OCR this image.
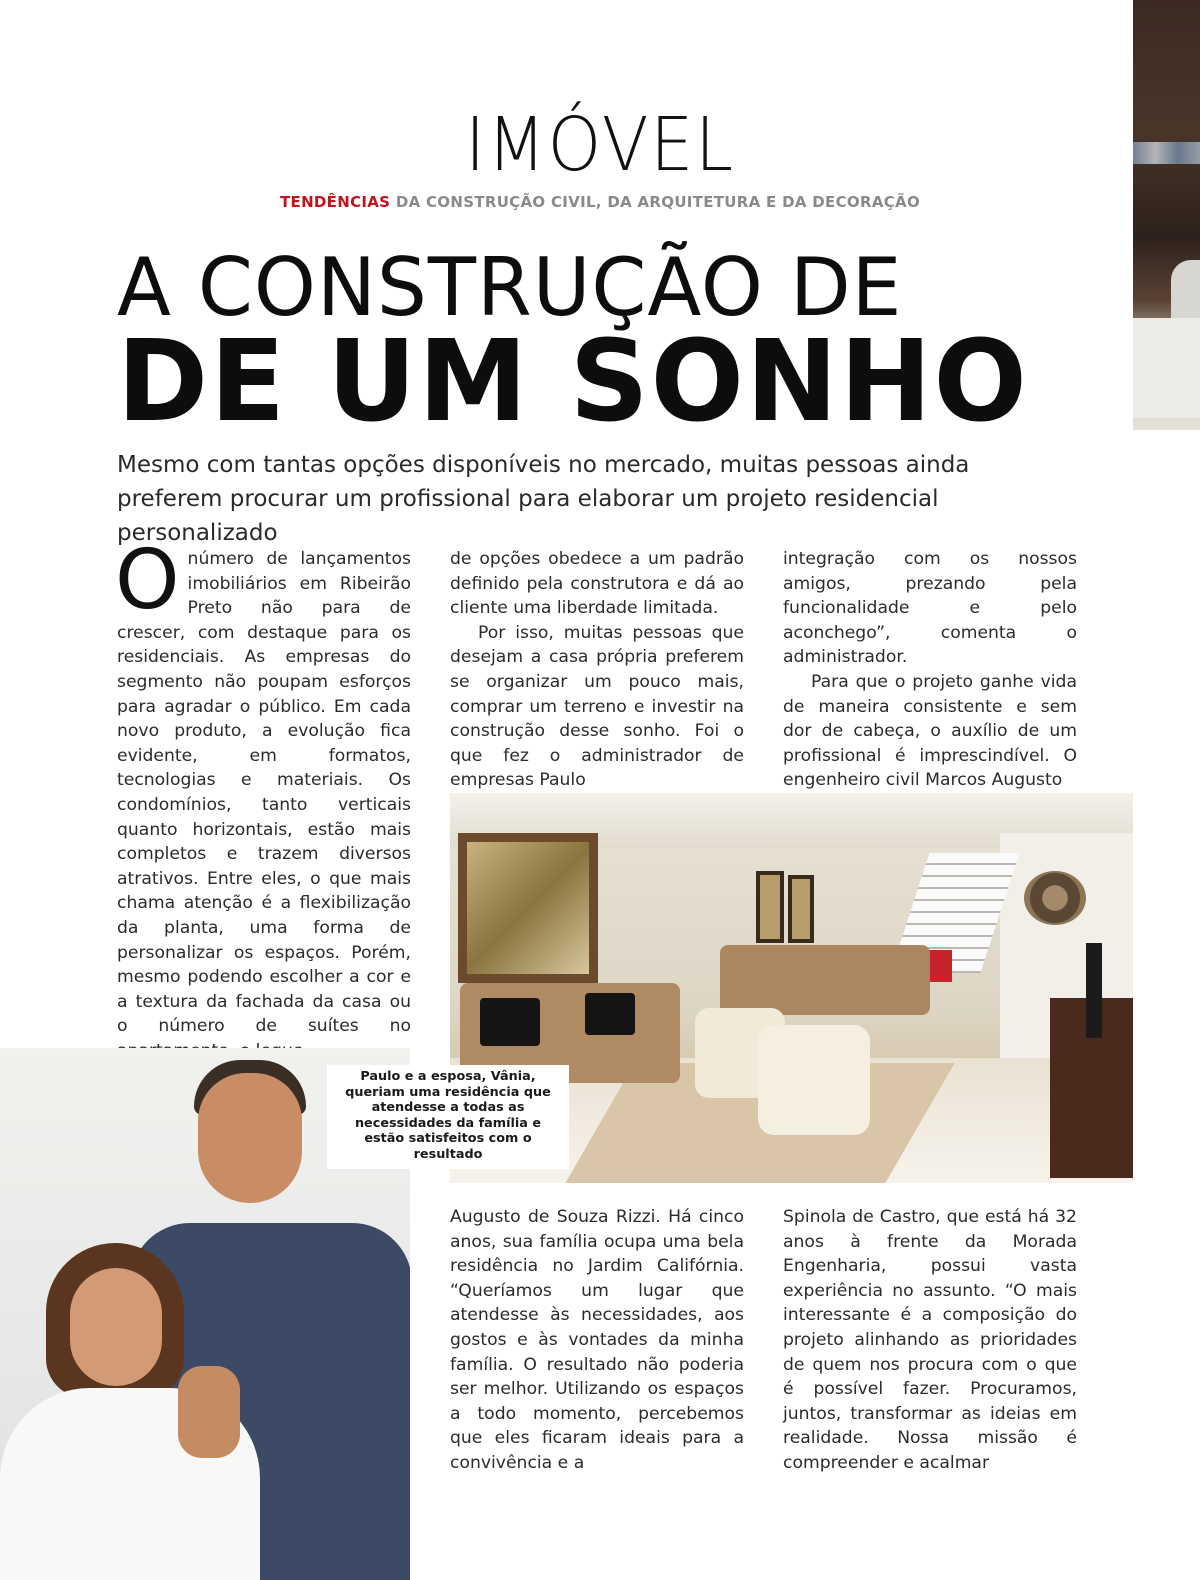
IMÓVEL
TENDÊNCIAS DA CONSTRUÇÃO CIVIL, DA ARQUITETURA E DA DECORAÇÃO
A CONSTRUÇÃO DE
DE UM SONHO
Mesmo com tantas opções disponíveis no mercado, muitas pessoas ainda preferem procurar um profissional para elaborar um projeto residencial personalizado
O número de lançamentos imobiliários em Ribeirão Preto não para de crescer, com destaque para os residenciais. As empresas do segmento não poupam esforços para agradar o público. Em cada novo produto, a evolução fica evidente, em formatos, tecnologias e materiais. Os condomínios, tanto verticais quanto horizontais, estão mais completos e trazem diversos atrativos. Entre eles, o que mais chama atenção é a flexibilização da planta, uma forma de personalizar os espaços. Porém, mesmo podendo escolher a cor e a textura da fachada da casa ou o número de suítes no

de opções obedece a um padrão definido pela construtora e dá ao cliente uma liberdade limitada.

Por isso, muitas pessoas que desejam a casa própria preferem se organizar um pouco mais, comprar um terreno e investir na construção desse sonho. Foi o que fez o administrador de empresas Paulo

integração com os nossos amigos, prezando pela funcionalidade e pelo aconchego”, comenta o administrador.

Para que o projeto ganhe vida de maneira consistente e sem dor de cabeça, o auxílio de um profissional é imprescindível. O engenheiro civil Marcos Augusto

Paulo e a esposa, Vânia, queriam uma residência que atendesse a todas as necessidades da família e estão satisfeitos com o resultado

Augusto de Souza Rizzi. Há cinco anos, sua família ocupa uma bela residência no Jardim Califórnia. “Queríamos um lugar que atendesse às necessidades, aos gostos e às vontades da minha família. O resultado não poderia ser melhor. Utilizando os espaços a todo momento, percebemos que eles ficaram ideais para a convivência e a

Spinola de Castro, que está há 32 anos à frente da Morada Engenharia, possui vasta experiência no assunto. “O mais interessante é a composição do projeto alinhando as prioridades de quem nos procura com o que é possível fazer. Procuramos, juntos, transformar as ideias em realidade. Nossa missão é compreender e acalmar
